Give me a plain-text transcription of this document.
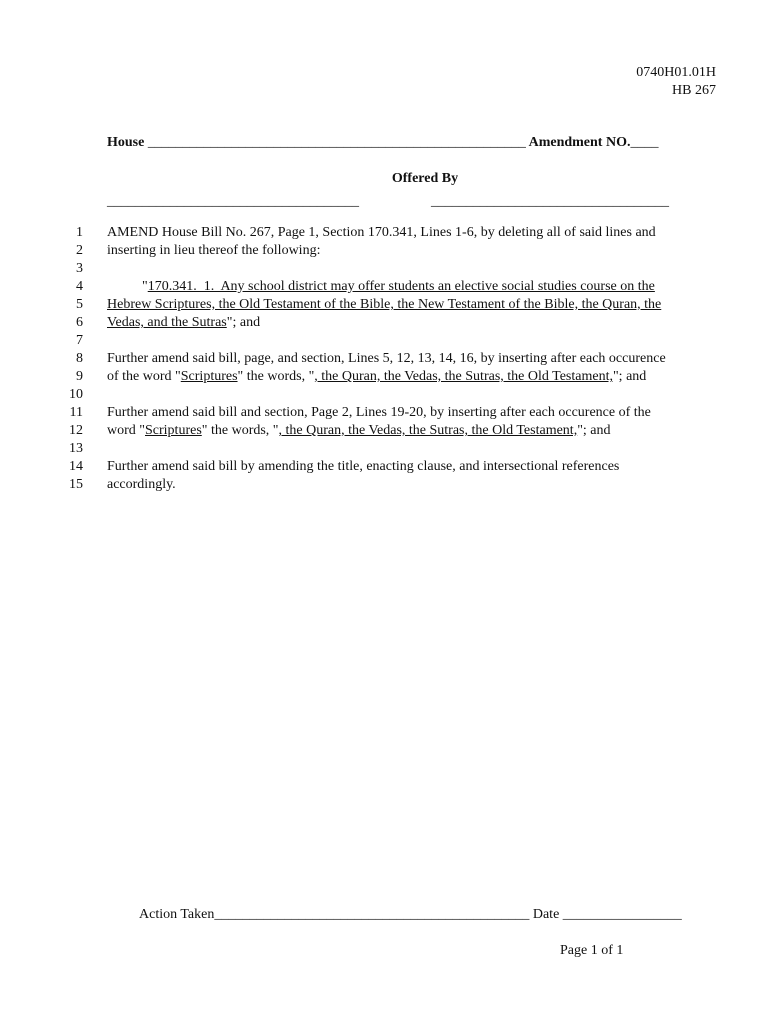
0740H01.01H
HB 267
House ______________________________________________________ Amendment NO.____
Offered By
____________________________________	__________________________________
1 AMEND House Bill No. 267, Page 1, Section 170.341, Lines 1-6, by deleting all of said lines and
2 inserting in lieu thereof the following:
3
4 "170.341.  1.  Any school district may offer students an elective social studies course on the
5 Hebrew Scriptures, the Old Testament of the Bible, the New Testament of the Bible, the Quran, the
6 Vedas, and the Sutras"; and
7
8 Further amend said bill, page, and section, Lines 5, 12, 13, 14, 16, by inserting after each occurence
9 of the word "Scriptures" the words, ", the Quran, the Vedas, the Sutras, the Old Testament,"; and
10
11 Further amend said bill and section, Page 2, Lines 19-20, by inserting after each occurence of the
12 word "Scriptures" the words, ", the Quran, the Vedas, the Sutras, the Old Testament,"; and
13
14 Further amend said bill by amending the title, enacting clause, and intersectional references
15 accordingly.
Action Taken_____________________________________________ Date _________________
Page 1 of 1
